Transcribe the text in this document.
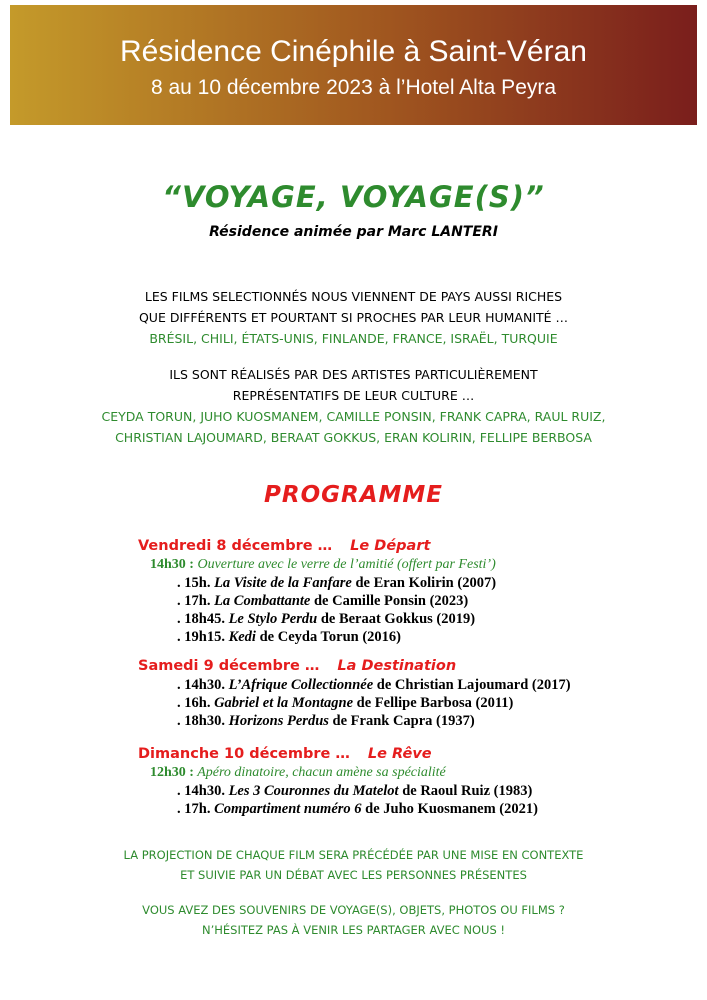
Résidence Cinéphile à Saint-Véran
8 au 10 décembre 2023 à l’Hotel Alta Peyra
“VOYAGE, VOYAGE(S)”
Résidence animée par Marc LANTERI
LES FILMS SELECTIONNÉS NOUS VIENNENT DE PAYS AUSSI RICHES
QUE DIFFÉRENTS ET POURTANT SI PROCHES PAR LEUR HUMANITÉ …
BRÉSIL, CHILI, ÉTATS-UNIS, FINLANDE, FRANCE, ISRAËL, TURQUIE
ILS SONT RÉALISÉS PAR DES ARTISTES PARTICULIÈREMENT
REPRÉSENTATIFS DE LEUR CULTURE …
CEYDA TORUN, JUHO KUOSMANEM, CAMILLE PONSIN, FRANK CAPRA, RAUL RUIZ,
CHRISTIAN LAJOUMARD, BERAAT GOKKUS, ERAN KOLIRIN, FELLIPE BERBOSA
PROGRAMME
Vendredi 8 décembre … Le Départ
14h30 : Ouverture avec le verre de l’amitié (offert par Festi’)
. 15h. La Visite de la Fanfare de Eran Kolirin (2007)
. 17h. La Combattante de Camille Ponsin (2023)
. 18h45. Le Stylo Perdu de Beraat Gokkus (2019)
. 19h15. Kedi de Ceyda Torun (2016)
Samedi 9 décembre … La Destination
. 14h30. L’Afrique Collectionnée de Christian Lajoumard (2017)
. 16h. Gabriel et la Montagne de Fellipe Barbosa (2011)
. 18h30. Horizons Perdus de Frank Capra (1937)
Dimanche 10 décembre … Le Rêve
12h30 : Apéro dinatoire, chacun amène sa spécialité
. 14h30. Les 3 Couronnes du Matelot de Raoul Ruiz (1983)
. 17h. Compartiment numéro 6 de Juho Kuosmanem (2021)
LA PROJECTION DE CHAQUE FILM SERA PRÉCÉDÉE PAR UNE MISE EN CONTEXTE
ET SUIVIE PAR UN DÉBAT AVEC LES PERSONNES PRÉSENTES
VOUS AVEZ DES SOUVENIRS DE VOYAGE(S), OBJETS, PHOTOS OU FILMS ?
N’HÉSITEZ PAS À VENIR LES PARTAGER AVEC NOUS !
